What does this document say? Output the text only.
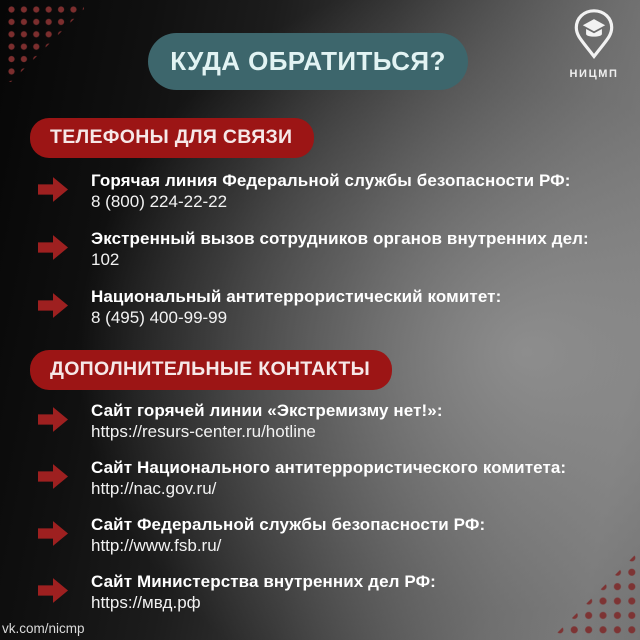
НИЦМП
КУДА ОБРАТИТЬСЯ?
ТЕЛЕФОНЫ ДЛЯ СВЯЗИ
Горячая линия Федеральной службы безопасности РФ:
8 (800) 224-22-22
Экстренный вызов сотрудников органов внутренних дел:
102
Национальный антитеррористический комитет:
8 (495) 400-99-99
ДОПОЛНИТЕЛЬНЫЕ КОНТАКТЫ
Сайт горячей линии «Экстремизму нет!»:
https://resurs-center.ru/hotline
Сайт Национального антитеррористического комитета:
http://nac.gov.ru/
Сайт Федеральной службы безопасности РФ:
http://www.fsb.ru/
Сайт Министерства внутренних дел РФ:
https://мвд.рф
vk.com/nicmp
